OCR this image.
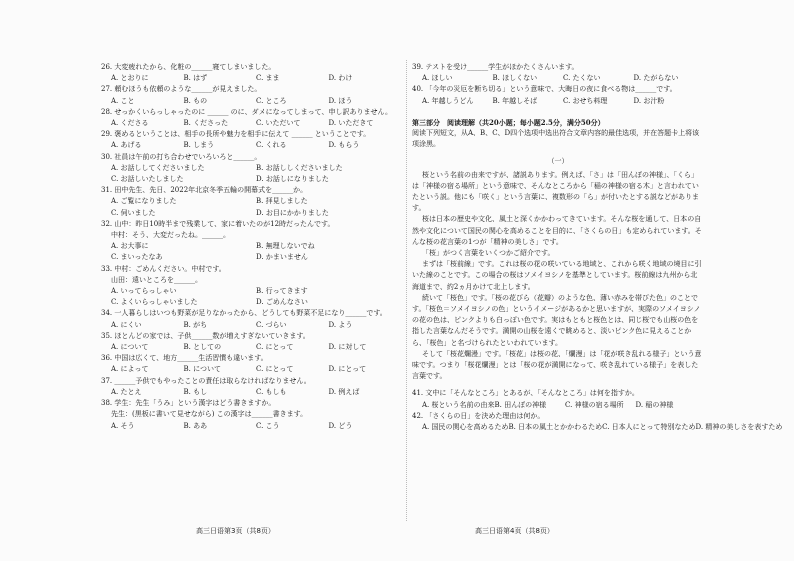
26. 大変疲れたから、化粧の______寝てしまいました。
A. とおりに	B. はず	C. まま	D. わけ
27. 頼むほうも依頼のような______が見えました。
A. こと	B. もの	C. ところ	D. ほう
28. せっかくいらっしゃったのに ______ のに、ダメになってしまって、申し訳ありません。
A. くださる	B. くださった	C. いただいて	D. いただきて
29. 褒めるということは、相手の長所や魅力を相手に伝えて ______ ということです。
A. あげる	B. しまう	C. くれる	D. もらう
30. 社員は午前の打ち合わせでいろいろと______。
A. お話ししてくださいました	B. お話ししくださいました
C. お話しいたしました	D. お話しになりました
31. 田中先生、先日、2022年北京冬季五輪の開幕式を______か。
A. ご覧になりました	B. 拝見しました
C. 伺いました	D. お目にかかりました
32. 山中：昨日10時半まで残業して、家に着いたのが12時だったんです。
中村：そう、大変だったね。______。
A. お大事に	B. 無理しないでね
C. まいったなあ	D. かまいません
33. 中村：ごめんください。中村です。
山田：遠いところを______。
A. いってらっしゃい	B. 行ってきます
C. よくいらっしゃいました	D. ごめんなさい
34. 一人暮らしはいつも野菜が足りなかったから、どうしても野菜不足になり______です。
A. にくい	B. がち	C. づらい	D. よう
35. ほとんどの家では、子供______数が増えすぎないていきます。
A. について	B. としての	C. にとって	D. に対して
36. 中国は広くて、地方______生活習慣も違います。
A. によって	B. について	C. にとって	D. にとって
37. ______予供でもやったことの責任は取らなければなりません。
A. たとえ	B. もし	C. もしも	D. 例えば
38. 学生：先生「うみ」という漢字はどう書きますか。
先生：(黒板に書いて見せながら) この漢字は______書きます。
A. そう	B. ああ	C. こう	D. どう
39. テストを受け______学生がほかたくさんいます。
A. ほしい	B. ほしくない	C. たくない	D. たがらない
40. 「今年の災厄を断ち切る」という意味で、大晦日の夜に食べる物は______です。
A. 年越しうどん	B. 年越しそば	C. おせち料理	D. お汁粉
第三部分　阅读理解（共20小题；每小题2.5分，满分50分）
阅读下列短文，从A、B、C、D四个选项中选出符合文章内容的最佳选项，并在答题卡上将该项涂黑。
（一）
桜という名前の由来ですが、諸説あります。例えば、「さ」は「田んぼの神様」、「くら」は「神様の宿る場所」という意味で、そんなところから「稲の神様の宿る木」と言われていたという説。他にも「咲く」という言葉に、複数形の「ら」が付いたとする説などがあります。
桜は日本の歴史や文化、風土と深くかかわってきています。そんな桜を通して、日本の自然や文化について国民の関心を高めることを目的に、「さくらの日」も定められています。そんな桜の花言葉の1つが「精神の美しさ」です。
「桜」がつく言葉をいくつかご紹介です。
まずは「桜前線」です。これは桜の花の咲いている地域と、これから咲く地域の境目に引いた線のことです。この場合の桜はソメイヨシノを基準としています。桜前線は九州から北海道まで、約2ヵ月かけて北上します。
続いて「桜色」です。「桜の花びら（花瓣）のような色、薄い赤みを帯びた色」のことです。「桜色＝ソメイヨシノの色」というイメージがあるかと思いますが、実際のソメイヨシノの花の色は、ピンクよりも白っぽい色です。実はもともと桜色とは、同じ桜でも山桜の色を指した言葉なんだそうです。満開の山桜を遠くで眺めると、淡いピンク色に見えることから、「桜色」と名づけられたといわれています。
そして「桜花爛漫」です。「桜花」は桜の花、「爛漫」は「花が咲き乱れる様子」という意味です。つまり「桜花爛漫」とは「桜の花が満開になって、咲き乱れている様子」を表した言葉です。
41. 文中に「そんなところ」とあるが、「そんなところ」は何を指すか。
A. 桜という名前の由来 B. 田んぼの神様	C. 神様の宿る場所	D. 稲の神様
42. 「さくらの日」を決めた理由は何か。
A. 国民の関心を高めるため B. 日本の風土とかかわるため C. 日本人にとって特別なため D. 精神の美しさを表すため
高三日语第3页（共8页）	高三日语第4页（共8页）
